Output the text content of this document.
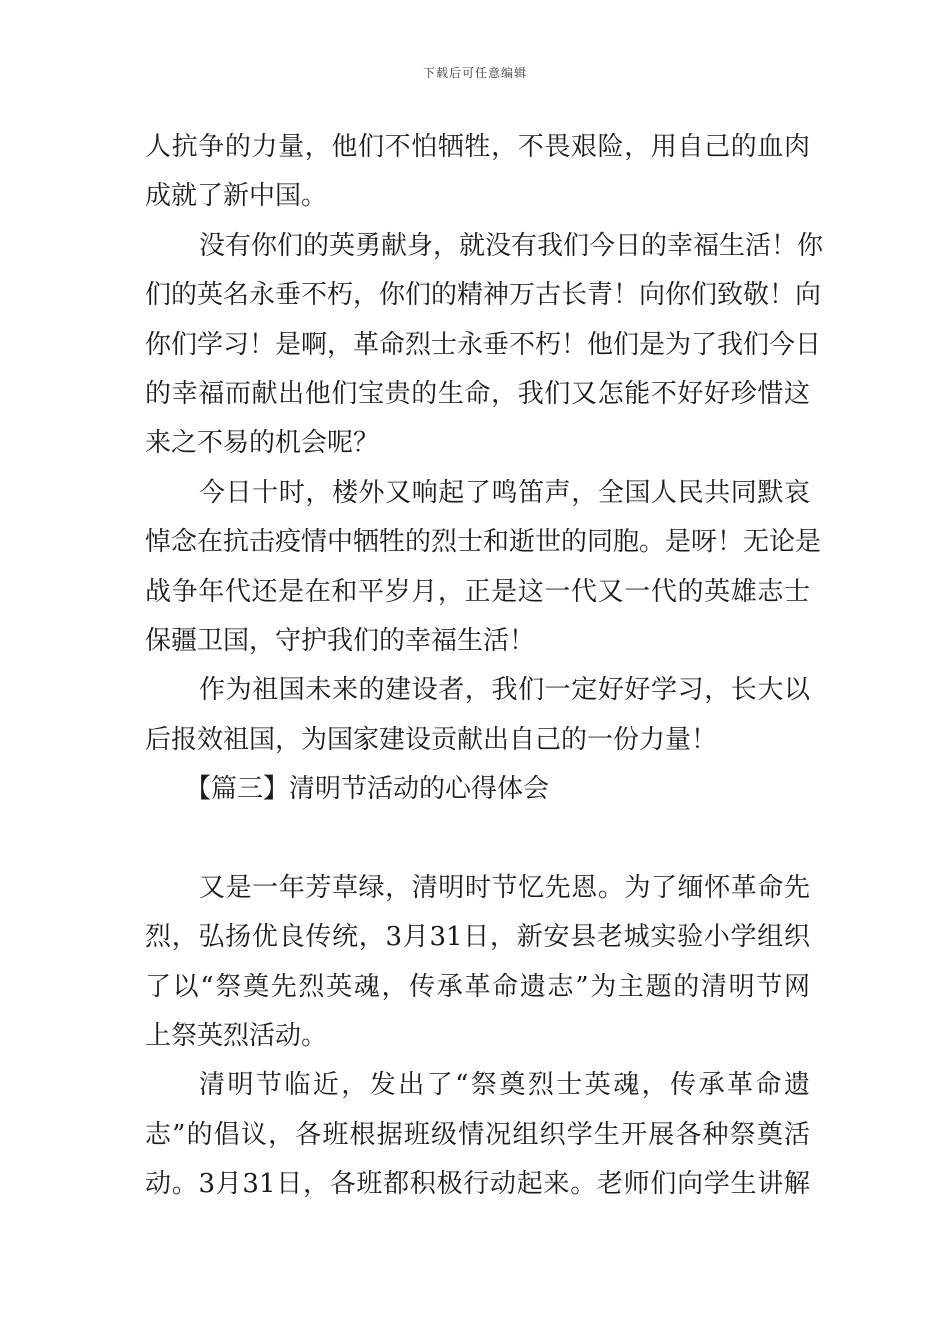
下载后可任意编辑
人抗争的力量，他们不怕牺牲，不畏艰险，用自己的血肉
成就了新中国。
没有你们的英勇献身，就没有我们今日的幸福生活！你
们的英名永垂不朽，你们的精神万古长青！向你们致敬！向
你们学习！是啊，革命烈士永垂不朽！他们是为了我们今日
的幸福而献出他们宝贵的生命，我们又怎能不好好珍惜这
来之不易的机会呢？
今日十时，楼外又响起了鸣笛声，全国人民共同默哀
悼念在抗击疫情中牺牲的烈士和逝世的同胞。是呀！无论是
战争年代还是在和平岁月，正是这一代又一代的英雄志士
保疆卫国，守护我们的幸福生活！
作为祖国未来的建设者，我们一定好好学习，长大以
后报效祖国，为国家建设贡献出自己的一份力量！
【篇三】清明节活动的心得体会
又是一年芳草绿，清明时节忆先恩。为了缅怀革命先
烈，弘扬优良传统，3月31日，新安县老城实验小学组织
了以“祭奠先烈英魂，传承革命遗志”为主题的清明节网
上祭英烈活动。
清明节临近，发出了“祭奠烈士英魂，传承革命遗
志”的倡议，各班根据班级情况组织学生开展各种祭奠活
动。3月31日，各班都积极行动起来。老师们向学生讲解
